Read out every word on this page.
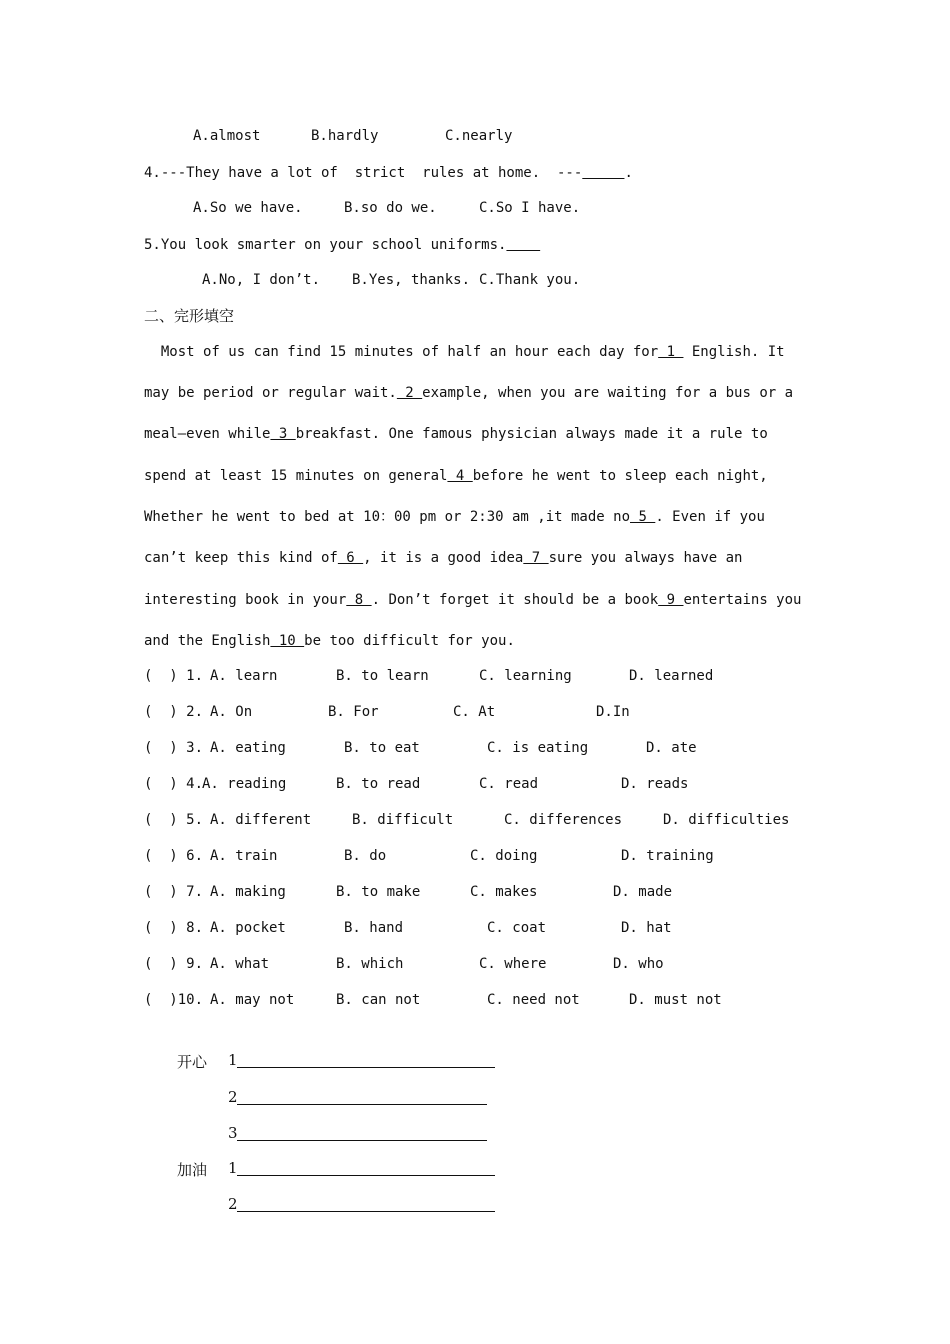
A.almost	B.hardly	C.nearly
4.---They have a lot of  strict  rules at home.  ---	.
A.So we have.	B.so do we.	C.So I have.
5.You look smarter on your school uniforms.
A.No, I don’t. B.Yes, thanks. C.Thank you.
二、完形填空
Most of us can find 15 minutes of half an hour each day for 1  English. It
may be period or regular wait. 2 example, when you are waiting for a bus or a
meal—even while 3 breakfast. One famous physician always made it a rule to
spend at least 15 minutes on general 4 before he went to sleep each night,
Whether he went to bed at 10：00 pm or 2:30 am ,it made no 5 . Even if you
can’t keep this kind of 6 , it is a good idea 7 sure you always have an
interesting book in your 8 . Don’t forget it should be a book 9 entertains you
and the English 10 be too difficult for you.
(  ) 1. A. learn	B. to learn	C. learning	D. learned
(  ) 2. A. On	B. For	C. At	D.In
(  ) 3. A. eating	B. to eat	C. is eating	D. ate
(  ) 4.
A. reading	B. to read	C. read	D. reads
(  ) 5. A. different	B. difficult	C. differences	D. difficulties
(  ) 6. A. train	B. do	C. doing	D. training
(  ) 7. A. making	B. to make	C. makes	D. made
(  ) 8. A. pocket	B. hand	C. coat	D. hat
(  ) 9. A. what	B. which	C. where	D. who
(  )10. A. may not	B. can not	C. need not	D. must not
开心 1
2
3
加油 1
2
